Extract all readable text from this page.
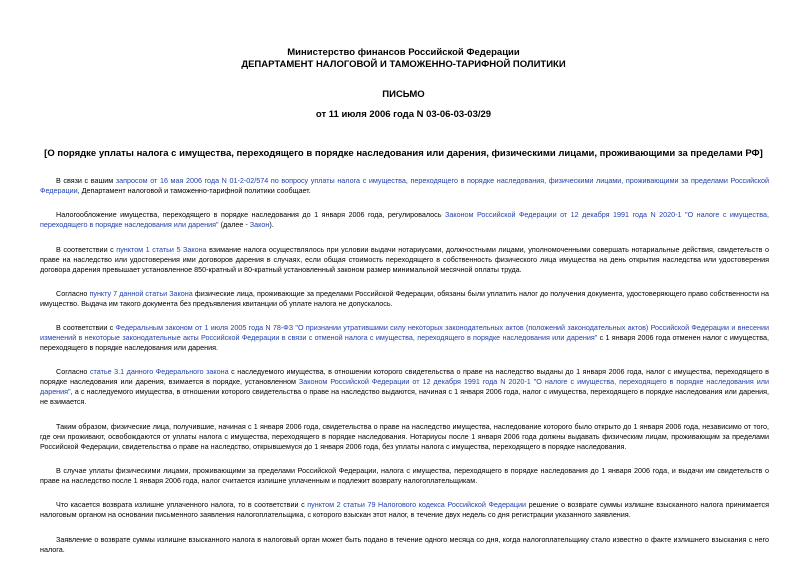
Министерство финансов Российской Федерации
ДЕПАРТАМЕНТ НАЛОГОВОЙ И ТАМОЖЕННО-ТАРИФНОЙ ПОЛИТИКИ
ПИСЬМО
от 11 июля 2006 года N 03-06-03-03/29
[О порядке уплаты налога с имущества, переходящего в порядке наследования или дарения, физическими лицами, проживающими за пределами РФ]

В связи с вашим запросом от 16 мая 2006 года N 01-2-02/574 по вопросу уплаты налога с имущества, переходящего в порядке наследования, физическими лицами, проживающими за пределами Российской Федерации, Департамент налоговой и таможенно-тарифной политики сообщает.

Налогообложение имущества, переходящего в порядке наследования до 1 января 2006 года, регулировалось Законом Российской Федерации от 12 декабря 1991 года N 2020-1 "О налоге с имущества, переходящего в порядке наследования или дарения" (далее - Закон).

В соответствии с пунктом 1 статьи 5 Закона взимание налога осуществлялось при условии выдачи нотариусами, должностными лицами, уполномоченными совершать нотариальные действия, свидетельств о праве на наследство или удостоверения ими договоров дарения в случаях, если общая стоимость переходящего в собственность физического лица имущества на день открытия наследства или удостоверения договора дарения превышает установленное 850-кратный и 80-кратный установленный законом размер минимальной месячной оплаты труда.

Согласно пункту 7 данной статьи Закона физические лица, проживающие за пределами Российской Федерации, обязаны были уплатить налог до получения документа, удостоверяющего право собственности на имущество. Выдача им такого документа без предъявления квитанции об уплате налога не допускалось.

В соответствии с Федеральным законом от 1 июля 2005 года N 78-ФЗ "О признании утратившими силу некоторых законодательных актов (положений законодательных актов) Российской Федерации и внесении изменений в некоторые законодательные акты Российской Федерации в связи с отменой налога с имущества, переходящего в порядке наследования или дарения" с 1 января 2006 года отменен налог с имущества, переходящего в порядке наследования или дарения.

Согласно статье 3.1 данного Федерального закона с наследуемого имущества, в отношении которого свидетельства о праве на наследство выданы до 1 января 2006 года, налог с имущества, переходящего в порядке наследования или дарения, взимается в порядке, установленном Законом Российской Федерации от 12 декабря 1991 года N 2020-1 "О налоге с имущества, переходящего в порядке наследования или дарения", а с наследуемого имущества, в отношении которого свидетельства о праве на наследство выдаются, начиная с 1 января 2006 года, налог с имущества, переходящего в порядке наследования или дарения, не взимается.

Таким образом, физические лица, получившие, начиная с 1 января 2006 года, свидетельства о праве на наследство имущества, наследование которого было открыто до 1 января 2006 года, независимо от того, где они проживают, освобождаются от уплаты налога с имущества, переходящего в порядке наследования. Нотариусы после 1 января 2006 года должны выдавать физическим лицам, проживающим за пределами Российской Федерации, свидетельства о праве на наследство, открывшемуся до 1 января 2006 года, без уплаты налога с имущества, переходящего в порядке наследования.

В случае уплаты физическими лицами, проживающими за пределами Российской Федерации, налога с имущества, переходящего в порядке наследования до 1 января 2006 года, и выдачи им свидетельств о праве на наследство после 1 января 2006 года, налог считается излишне уплаченным и подлежит возврату налогоплательщикам.

Что касается возврата излишне уплаченного налога, то в соответствии с пунктом 2 статьи 79 Налогового кодекса Российской Федерации решение о возврате суммы излишне взысканного налога принимается налоговым органом на основании письменного заявления налогоплательщика, с которого взыскан этот налог, в течение двух недель со дня регистрации указанного заявления.

Заявление о возврате суммы излишне взысканного налога в налоговый орган может быть подано в течение одного месяца со дня, когда налогоплательщику стало известно о факте излишнего взыскания с него налога.
